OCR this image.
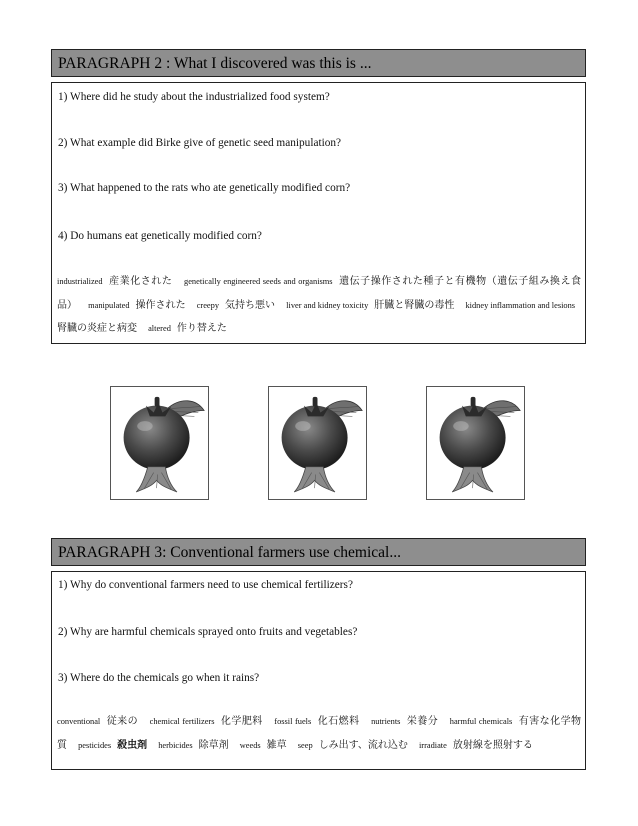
PARAGRAPH 2 : What I discovered was this is ...
1) Where did he study about the industrialized food system?
2) What example did Birke give of genetic seed manipulation?
3) What happened to the rats who ate genetically modified corn?
4) Do humans eat genetically modified corn?
industrialized 産業化された genetically engineered seeds and organisms 遺伝子操作された種子と有機物（遺伝子組み換え食品） manipulated 操作された creepy 気持ち悪い liver and kidney toxicity 肝臓と腎臓の毒性 kidney inflammation and lesions腎臓の炎症と病変 altered 作り替えた
PARAGRAPH 3: Conventional farmers use chemical...
1) Why do conventional farmers need to use chemical fertilizers?
2) Why are harmful chemicals sprayed onto fruits and vegetables?
3) Where do the chemicals go when it rains?
conventional 従来の chemical fertilizers 化学肥料 fossil fuels 化石燃料 nutrients 栄養分 harmful chemicals 有害な化学物質 pesticides 殺虫剤 herbicides 除草剤 weeds 雑草 seep しみ出す、流れ込む irradiate 放射線を照射する
